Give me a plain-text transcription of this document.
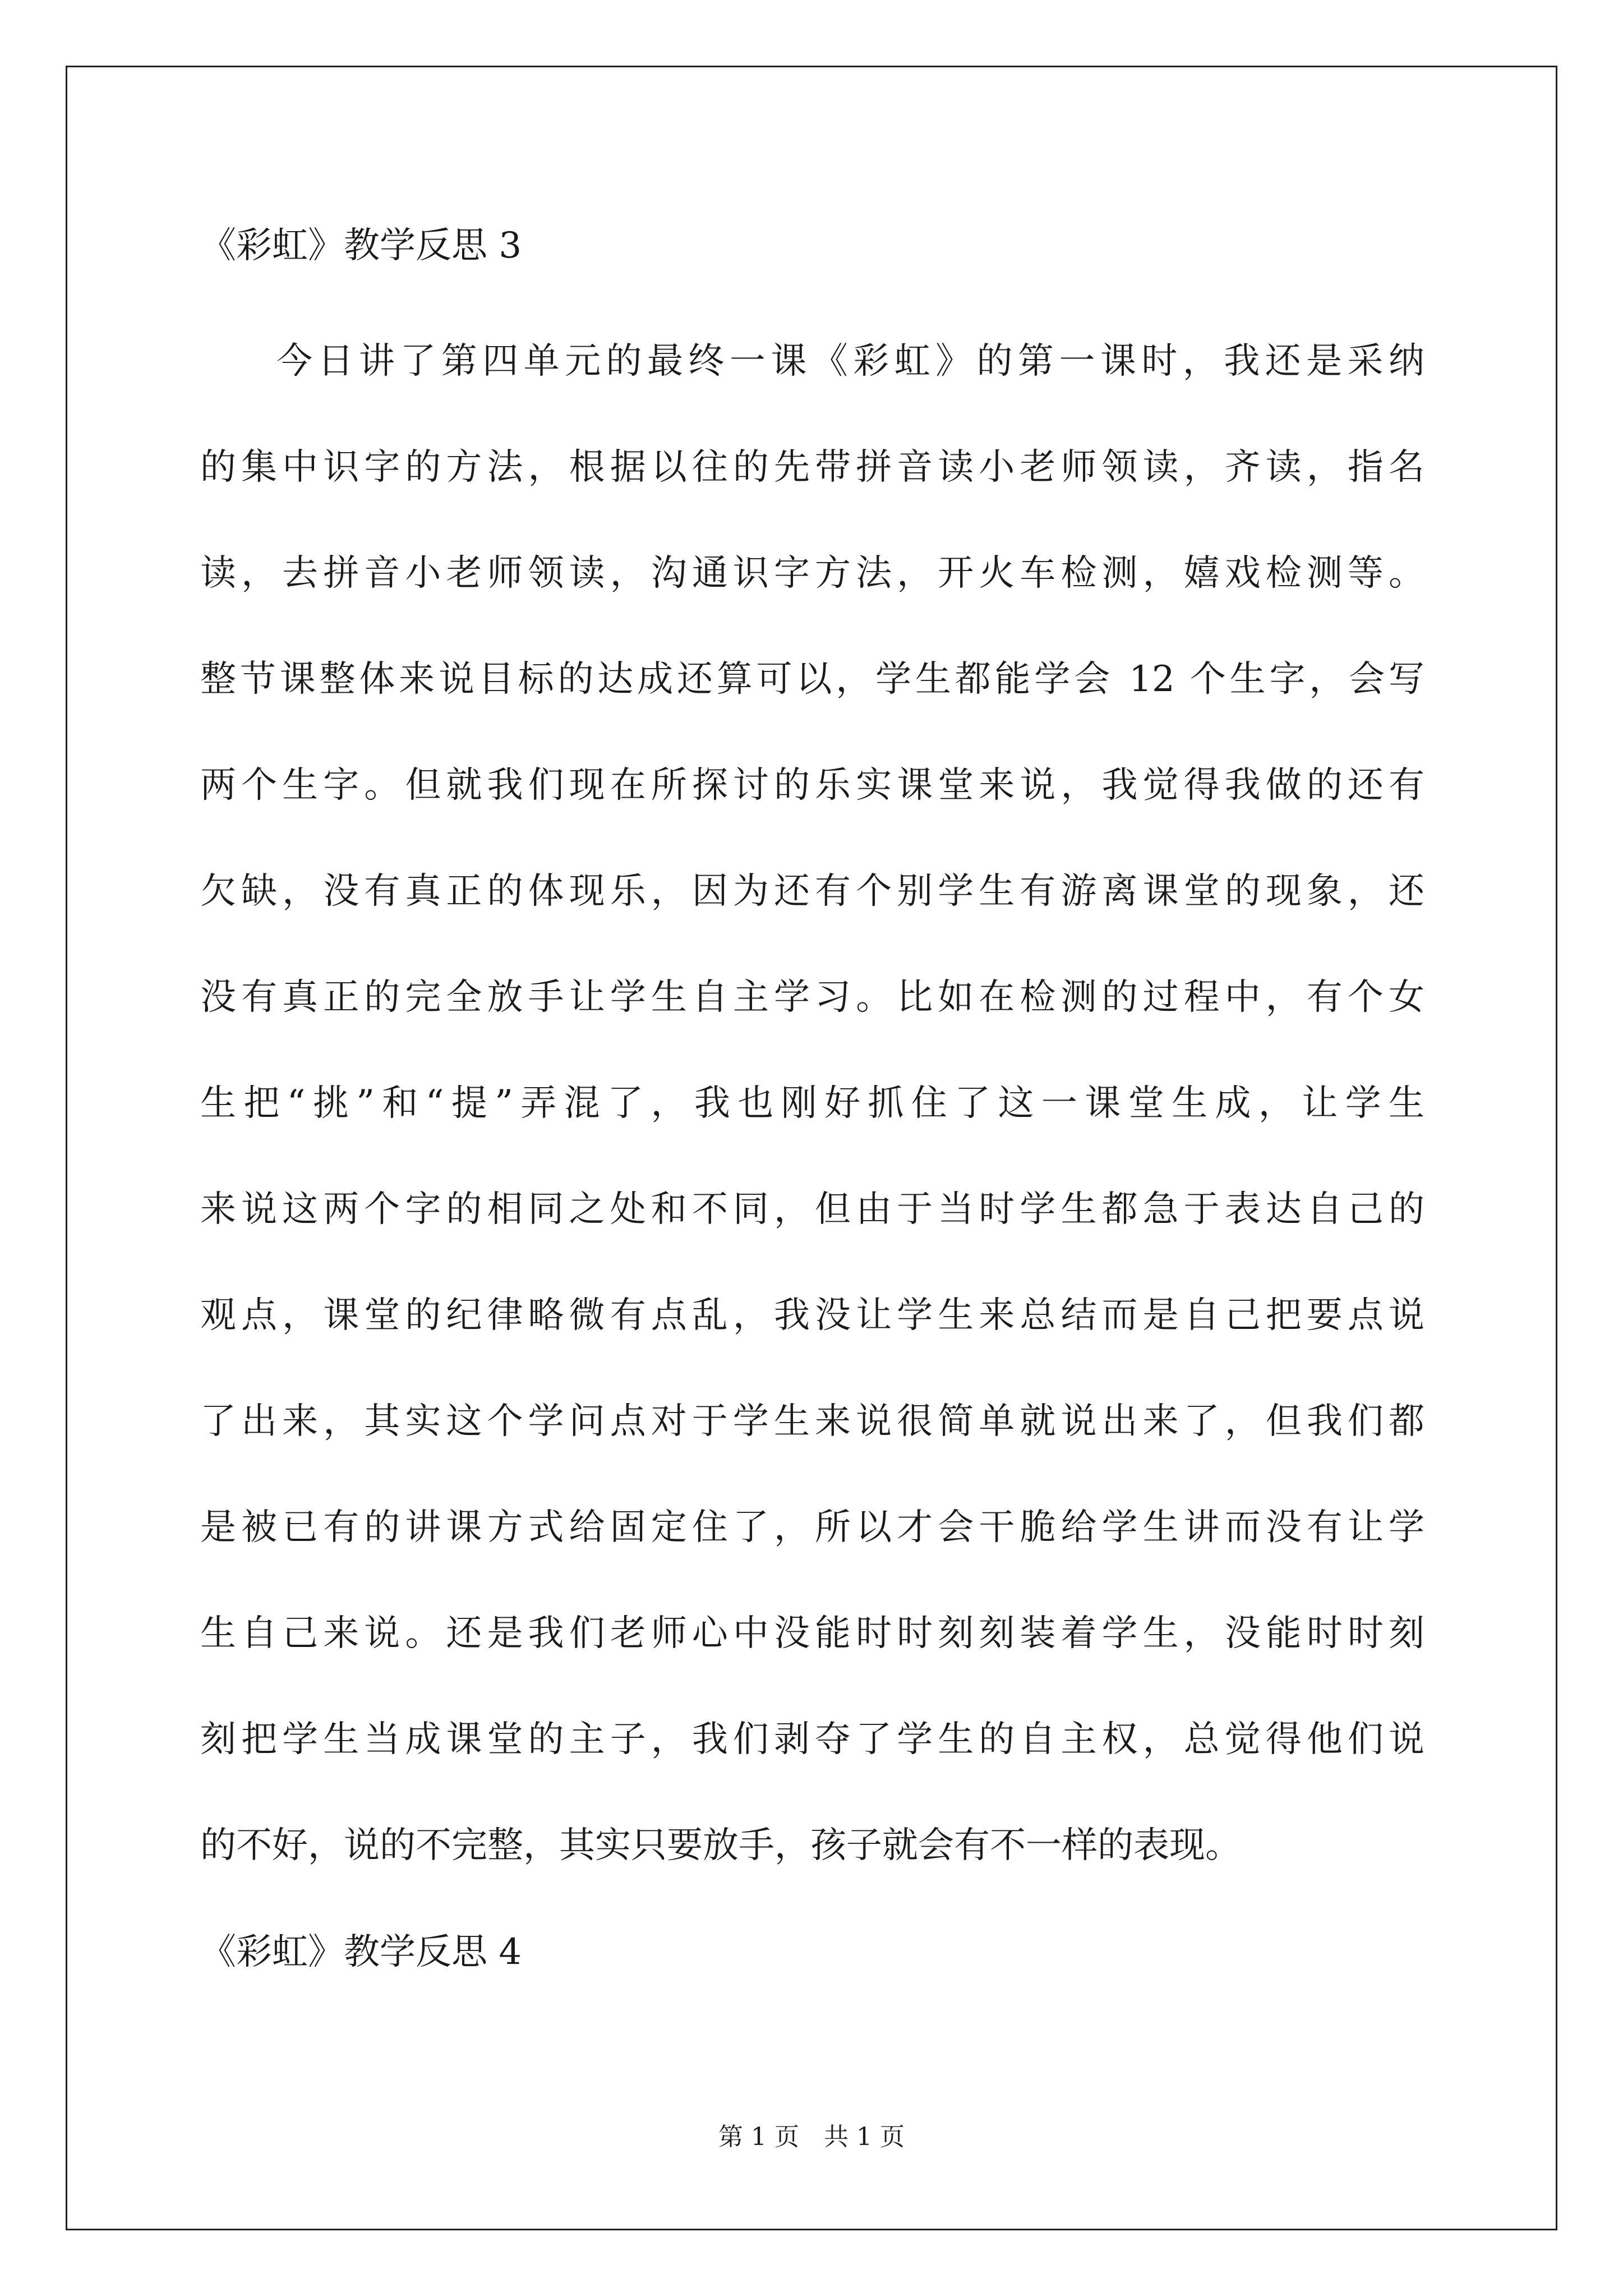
《彩虹》教学反思 3
今日讲了第四单元的最终一课《彩虹》的第一课时，我还是采纳
的集中识字的方法，根据以往的先带拼音读小老师领读，齐读，指名
读，去拼音小老师领读，沟通识字方法，开火车检测，嬉戏检测等。
整节课整体来说目标的达成还算可以，学生都能学会 12 个生字，会写
两个生字。但就我们现在所探讨的乐实课堂来说，我觉得我做的还有
欠缺，没有真正的体现乐，因为还有个别学生有游离课堂的现象，还
没有真正的完全放手让学生自主学习。比如在检测的过程中，有个女
生把“挑”和“提”弄混了，我也刚好抓住了这一课堂生成，让学生
来说这两个字的相同之处和不同，但由于当时学生都急于表达自己的
观点，课堂的纪律略微有点乱，我没让学生来总结而是自己把要点说
了出来，其实这个学问点对于学生来说很简单就说出来了，但我们都
是被已有的讲课方式给固定住了，所以才会干脆给学生讲而没有让学
生自己来说。还是我们老师心中没能时时刻刻装着学生，没能时时刻
刻把学生当成课堂的主子，我们剥夺了学生的自主权，总觉得他们说
的不好，说的不完整，其实只要放手，孩子就会有不一样的表现。
《彩虹》教学反思 4
第 1 页　共 1 页
